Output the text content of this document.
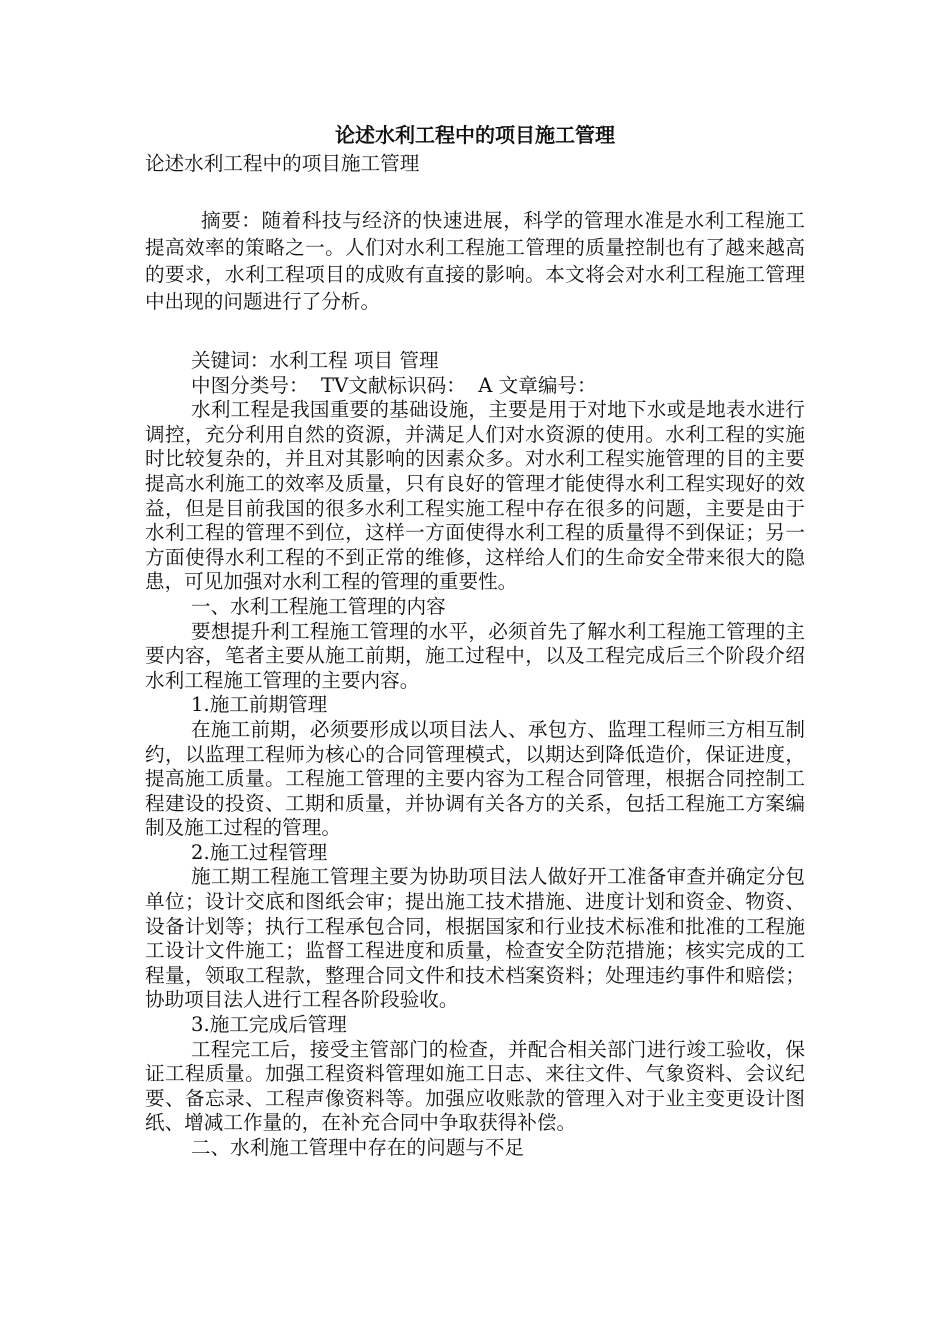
论述水利工程中的项目施工管理

论述水利工程中的项目施工管理

摘要：随着科技与经济的快速进展，科学的管理水准是水利工程施工提高效率的策略之一。人们对水利工程施工管理的质量控制也有了越来越高的要求，水利工程项目的成败有直接的影响。本文将会对水利工程施工管理中出现的问题进行了分析。

关键词：水利工程 项目 管理

中图分类号：  TV文献标识码：  A 文章编号：

水利工程是我国重要的基础设施，主要是用于对地下水或是地表水进行调控，充分利用自然的资源，并满足人们对水资源的使用。水利工程的实施时比较复杂的，并且对其影响的因素众多。对水利工程实施管理的目的主要提高水利施工的效率及质量，只有良好的管理才能使得水利工程实现好的效益，但是目前我国的很多水利工程实施工程中存在很多的问题，主要是由于水利工程的管理不到位，这样一方面使得水利工程的质量得不到保证；另一方面使得水利工程的不到正常的维修，这样给人们的生命安全带来很大的隐患，可见加强对水利工程的管理的重要性。

一、水利工程施工管理的内容

要想提升利工程施工管理的水平，必须首先了解水利工程施工管理的主要内容，笔者主要从施工前期，施工过程中，以及工程完成后三个阶段介绍水利工程施工管理的主要内容。

1.施工前期管理

在施工前期，必须要形成以项目法人、承包方、监理工程师三方相互制约，以监理工程师为核心的合同管理模式，以期达到降低造价，保证进度，提高施工质量。工程施工管理的主要内容为工程合同管理，根据合同控制工程建设的投资、工期和质量，并协调有关各方的关系，包括工程施工方案编制及施工过程的管理。

2.施工过程管理

施工期工程施工管理主要为协助项目法人做好开工准备审查并确定分包单位；设计交底和图纸会审；提出施工技术措施、进度计划和资金、物资、设备计划等；执行工程承包合同，根据国家和行业技术标准和批准的工程施工设计文件施工；监督工程进度和质量，检查安全防范措施；核实完成的工程量，领取工程款，整理合同文件和技术档案资料；处理违约事件和赔偿；协助项目法人进行工程各阶段验收。

3.施工完成后管理

工程完工后，接受主管部门的检查，并配合相关部门进行竣工验收，保证工程质量。加强工程资料管理如施工日志、来往文件、气象资料、会议纪要、备忘录、工程声像资料等。加强应收账款的管理入对于业主变更设计图纸、增减工作量的，在补充合同中争取获得补偿。

二、水利施工管理中存在的问题与不足
